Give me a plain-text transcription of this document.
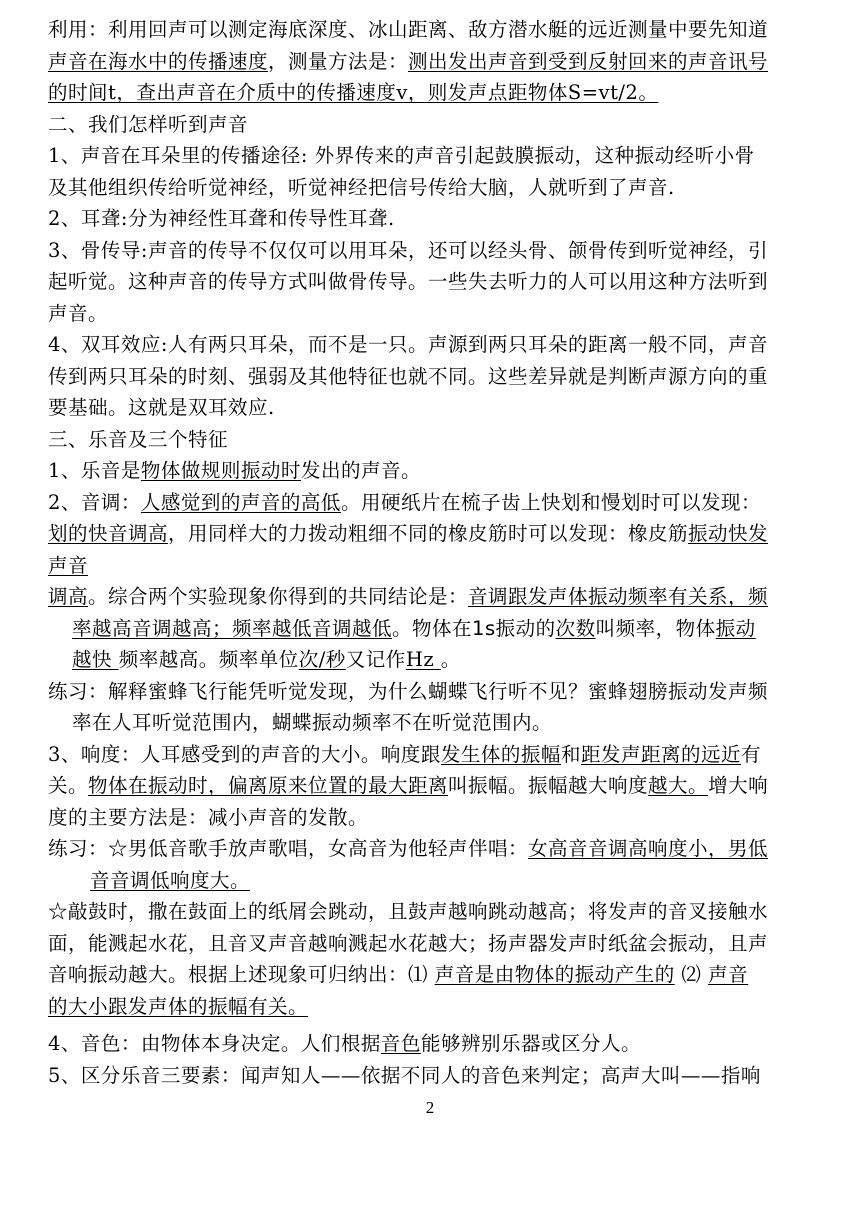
利用：利用回声可以测定海底深度、冰山距离、敌方潜水艇的远近测量中要先知道
声音在海水中的传播速度，测量方法是：测出发出声音到受到反射回来的声音讯号
的时间t，查出声音在介质中的传播速度v，则发声点距物体S=vt/2。
二、我们怎样听到声音
1、声音在耳朵里的传播途径: 外界传来的声音引起鼓膜振动，这种振动经听小骨
及其他组织传给听觉神经，听觉神经把信号传给大脑，人就听到了声音.
2、耳聋:分为神经性耳聋和传导性耳聋.
3、骨传导:声音的传导不仅仅可以用耳朵，还可以经头骨、颌骨传到听觉神经，引
起听觉。这种声音的传导方式叫做骨传导。一些失去听力的人可以用这种方法听到
声音。
4、双耳效应:人有两只耳朵，而不是一只。声源到两只耳朵的距离一般不同，声音
传到两只耳朵的时刻、强弱及其他特征也就不同。这些差异就是判断声源方向的重
要基础。这就是双耳效应.
三、乐音及三个特征
1、乐音是物体做规则振动时发出的声音。
2、音调：人感觉到的声音的高低。用硬纸片在梳子齿上快划和慢划时可以发现：
划的快音调高，用同样大的力拨动粗细不同的橡皮筋时可以发现：橡皮筋振动快发
声音
调高。综合两个实验现象你得到的共同结论是：音调跟发声体振动频率有关系，频
率越高音调越高；频率越低音调越低。物体在1s振动的次数叫频率，物体振动
越快 频率越高。频率单位次/秒又记作Hz 。
练习：解释蜜蜂飞行能凭听觉发现，为什么蝴蝶飞行听不见？蜜蜂翅膀振动发声频
率在人耳听觉范围内，蝴蝶振动频率不在听觉范围内。
3、响度：人耳感受到的声音的大小。响度跟发生体的振幅和距发声距离的远近有
关。物体在振动时，偏离原来位置的最大距离叫振幅。振幅越大响度越大。增大响
度的主要方法是：减小声音的发散。
练习：☆男低音歌手放声歌唱，女高音为他轻声伴唱：女高音音调高响度小，男低
音音调低响度大。
☆敲鼓时，撒在鼓面上的纸屑会跳动，且鼓声越响跳动越高；将发声的音叉接触水
面，能溅起水花，且音叉声音越响溅起水花越大；扬声器发声时纸盆会振动，且声
音响振动越大。根据上述现象可归纳出：⑴ 声音是由物体的振动产生的 ⑵ 声音
的大小跟发声体的振幅有关。
4、音色：由物体本身决定。人们根据音色能够辨别乐器或区分人。
5、区分乐音三要素：闻声知人——依据不同人的音色来判定；高声大叫——指响
2
